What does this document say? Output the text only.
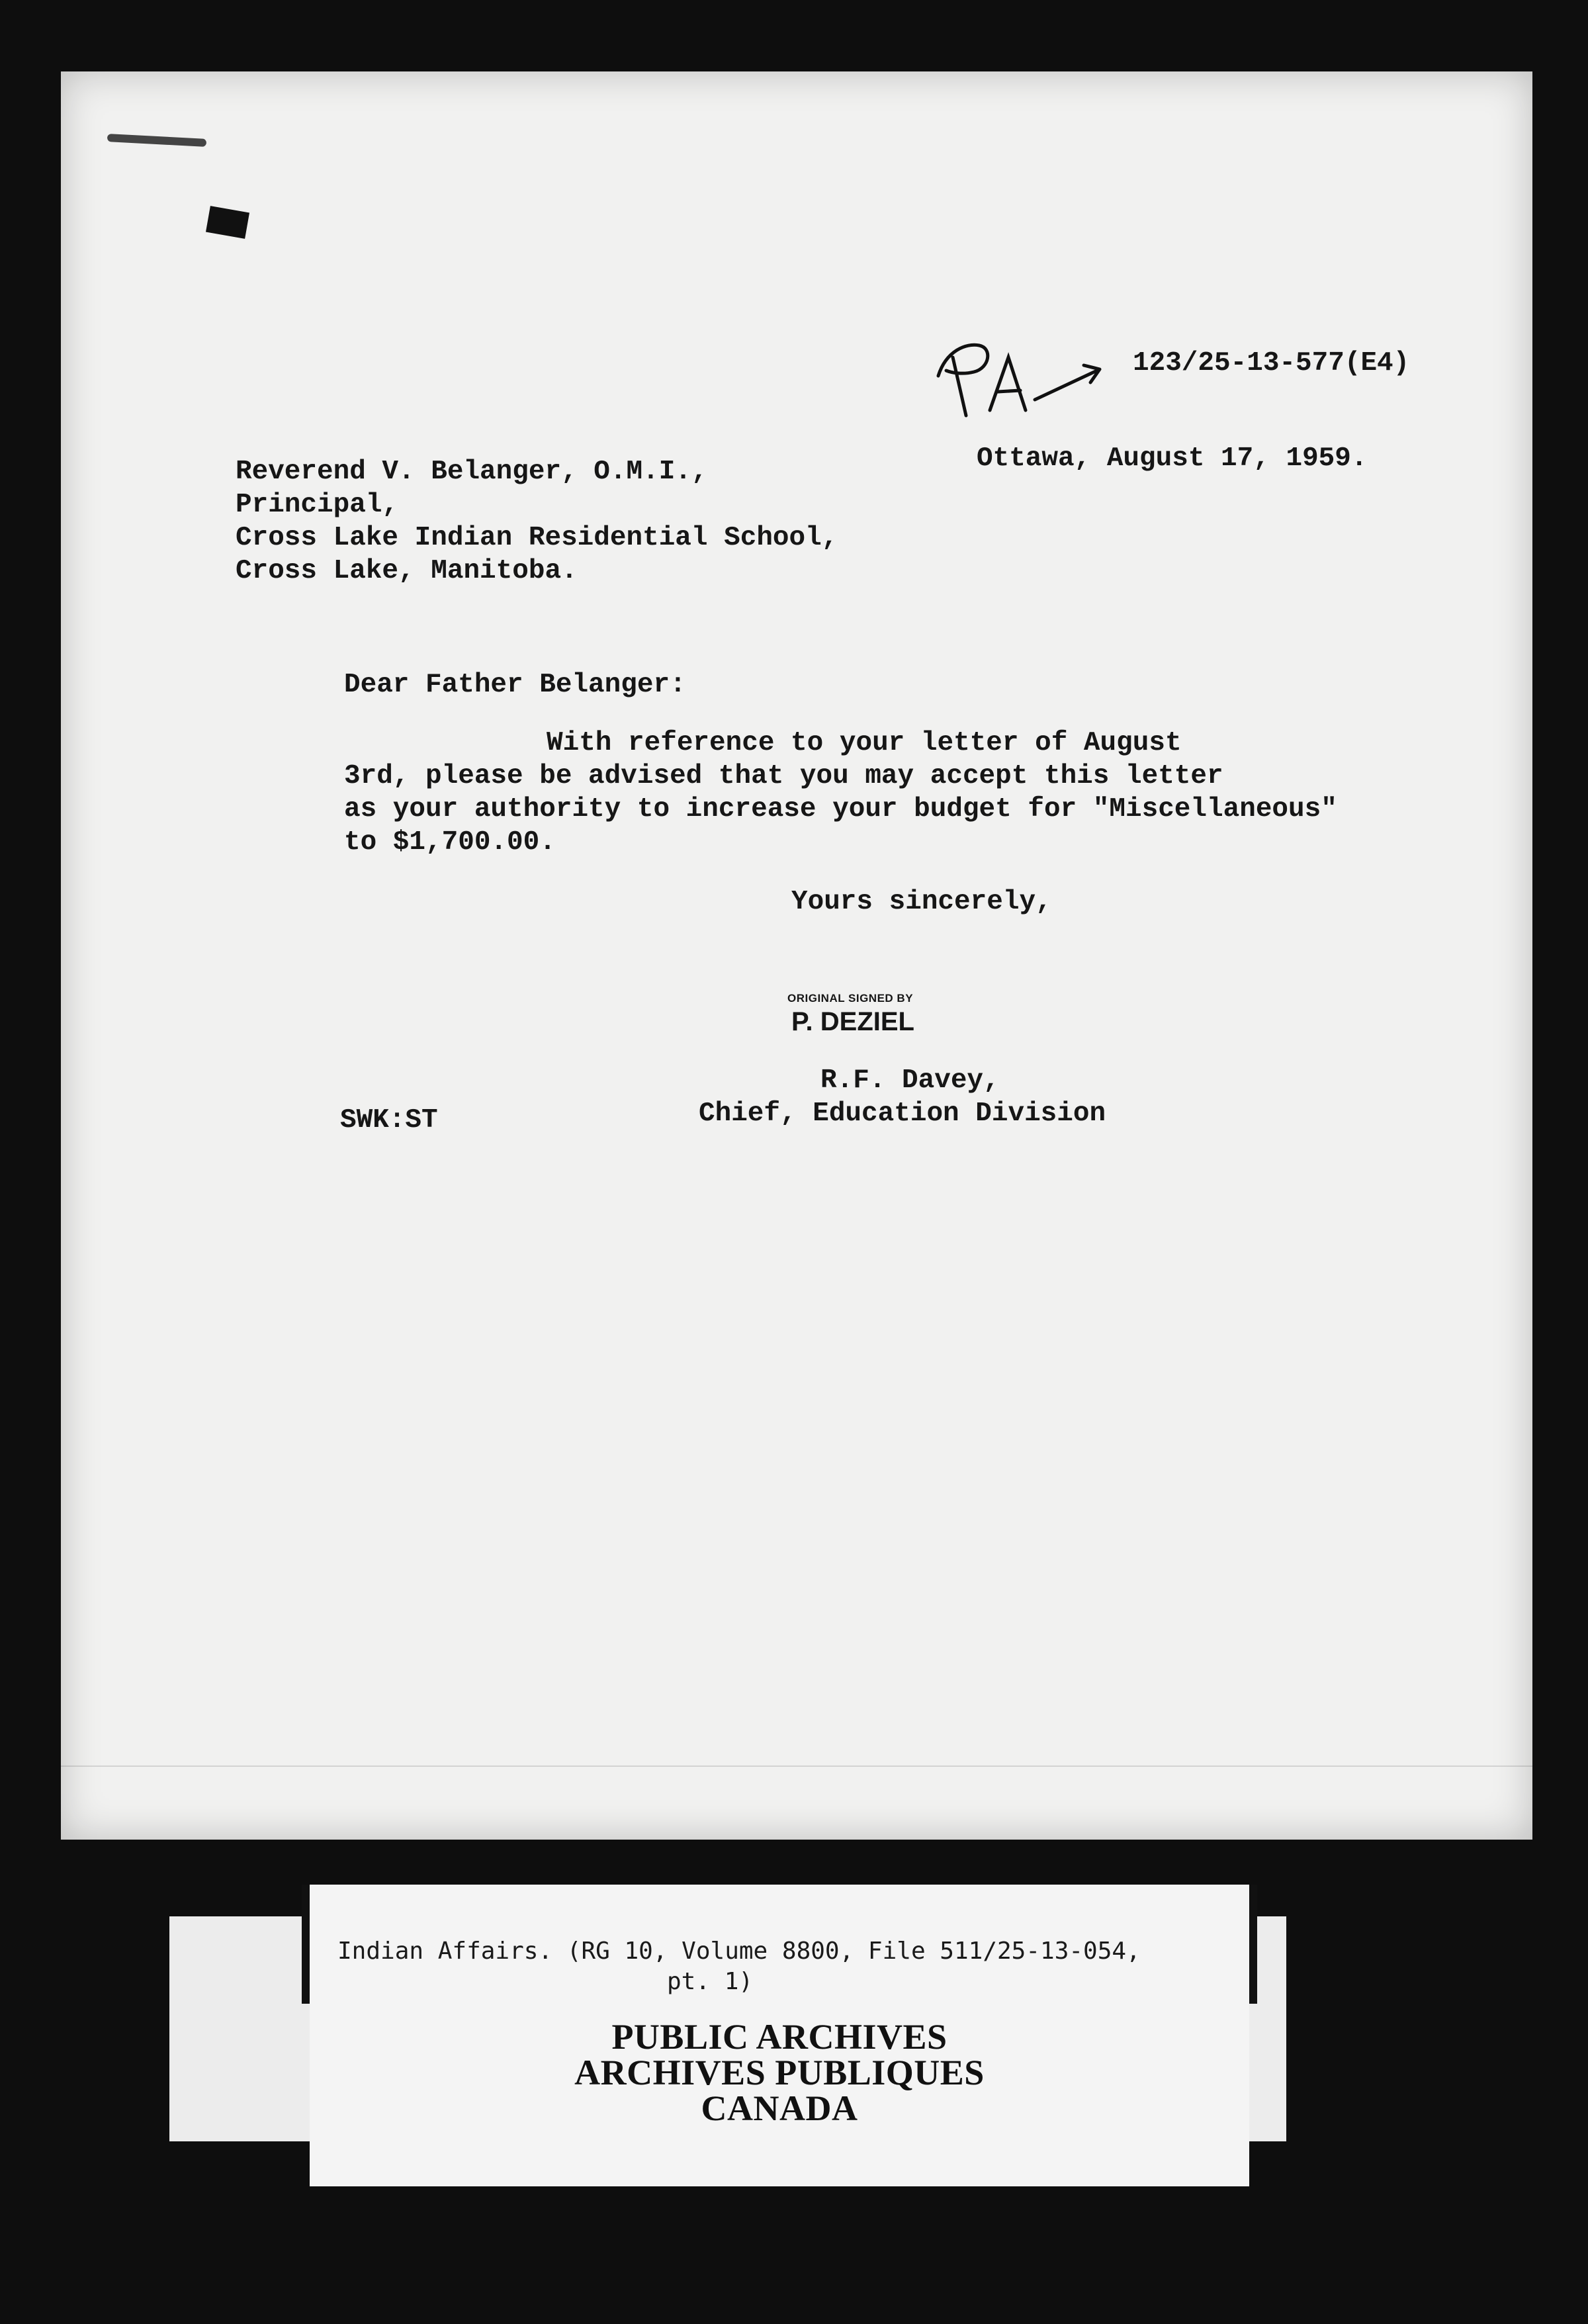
123/25-13-577(E4)
Ottawa, August 17, 1959.
Reverend V. Belanger, O.M.I.,
Principal,
Cross Lake Indian Residential School,
Cross Lake, Manitoba.
Dear Father Belanger:
With reference to your letter of August
3rd, please be advised that you may accept this letter
as your authority to increase your budget for "Miscellaneous"
to $1,700.00.
Yours sincerely,
ORIGINAL SIGNED BY
P. DEZIEL
R.F. Davey,
SWK:ST	Chief, Education Division
PA
Indian Affairs. (RG 10, Volume 8800, File 511/25-13-054,
pt. 1)
PUBLIC ARCHIVES
ARCHIVES PUBLIQUES
CANADA
